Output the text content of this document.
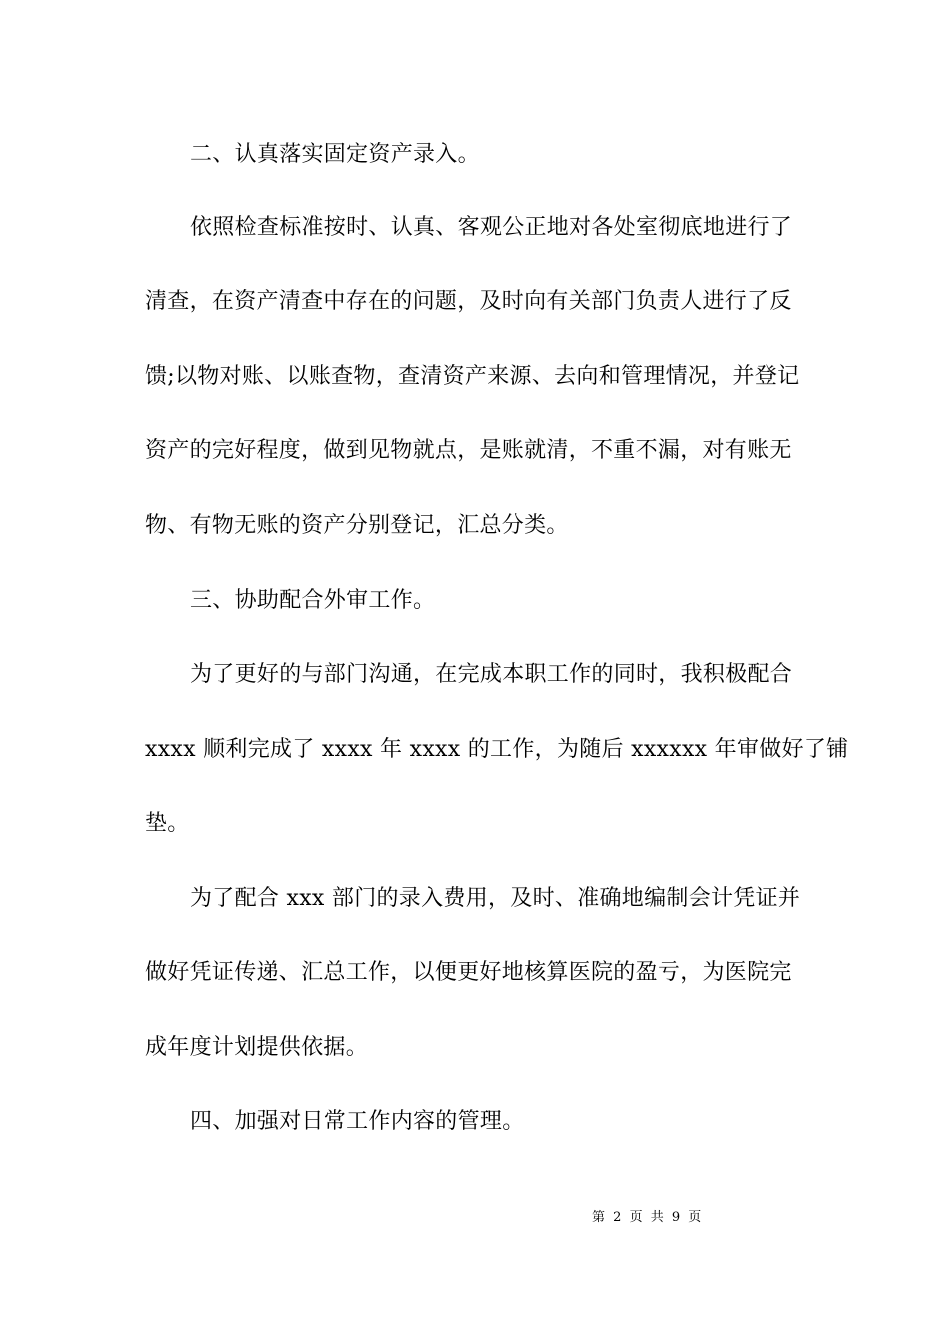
二、认真落实固定资产录入。
依照检查标准按时、认真、客观公正地对各处室彻底地进行了
清查，在资产清查中存在的问题，及时向有关部门负责人进行了反
馈;以物对账、以账查物，查清资产来源、去向和管理情况，并登记
资产的完好程度，做到见物就点，是账就清，不重不漏，对有账无
物、有物无账的资产分别登记，汇总分类。
三、协助配合外审工作。
为了更好的与部门沟通，在完成本职工作的同时，我积极配合
xxxx 顺利完成了 xxxx 年 xxxx 的工作，为随后 xxxxxx 年审做好了铺
垫。
为了配合 xxx 部门的录入费用，及时、准确地编制会计凭证并
做好凭证传递、汇总工作，以便更好地核算医院的盈亏，为医院完
成年度计划提供依据。
四、加强对日常工作内容的管理。
第 2 页 共 9 页
